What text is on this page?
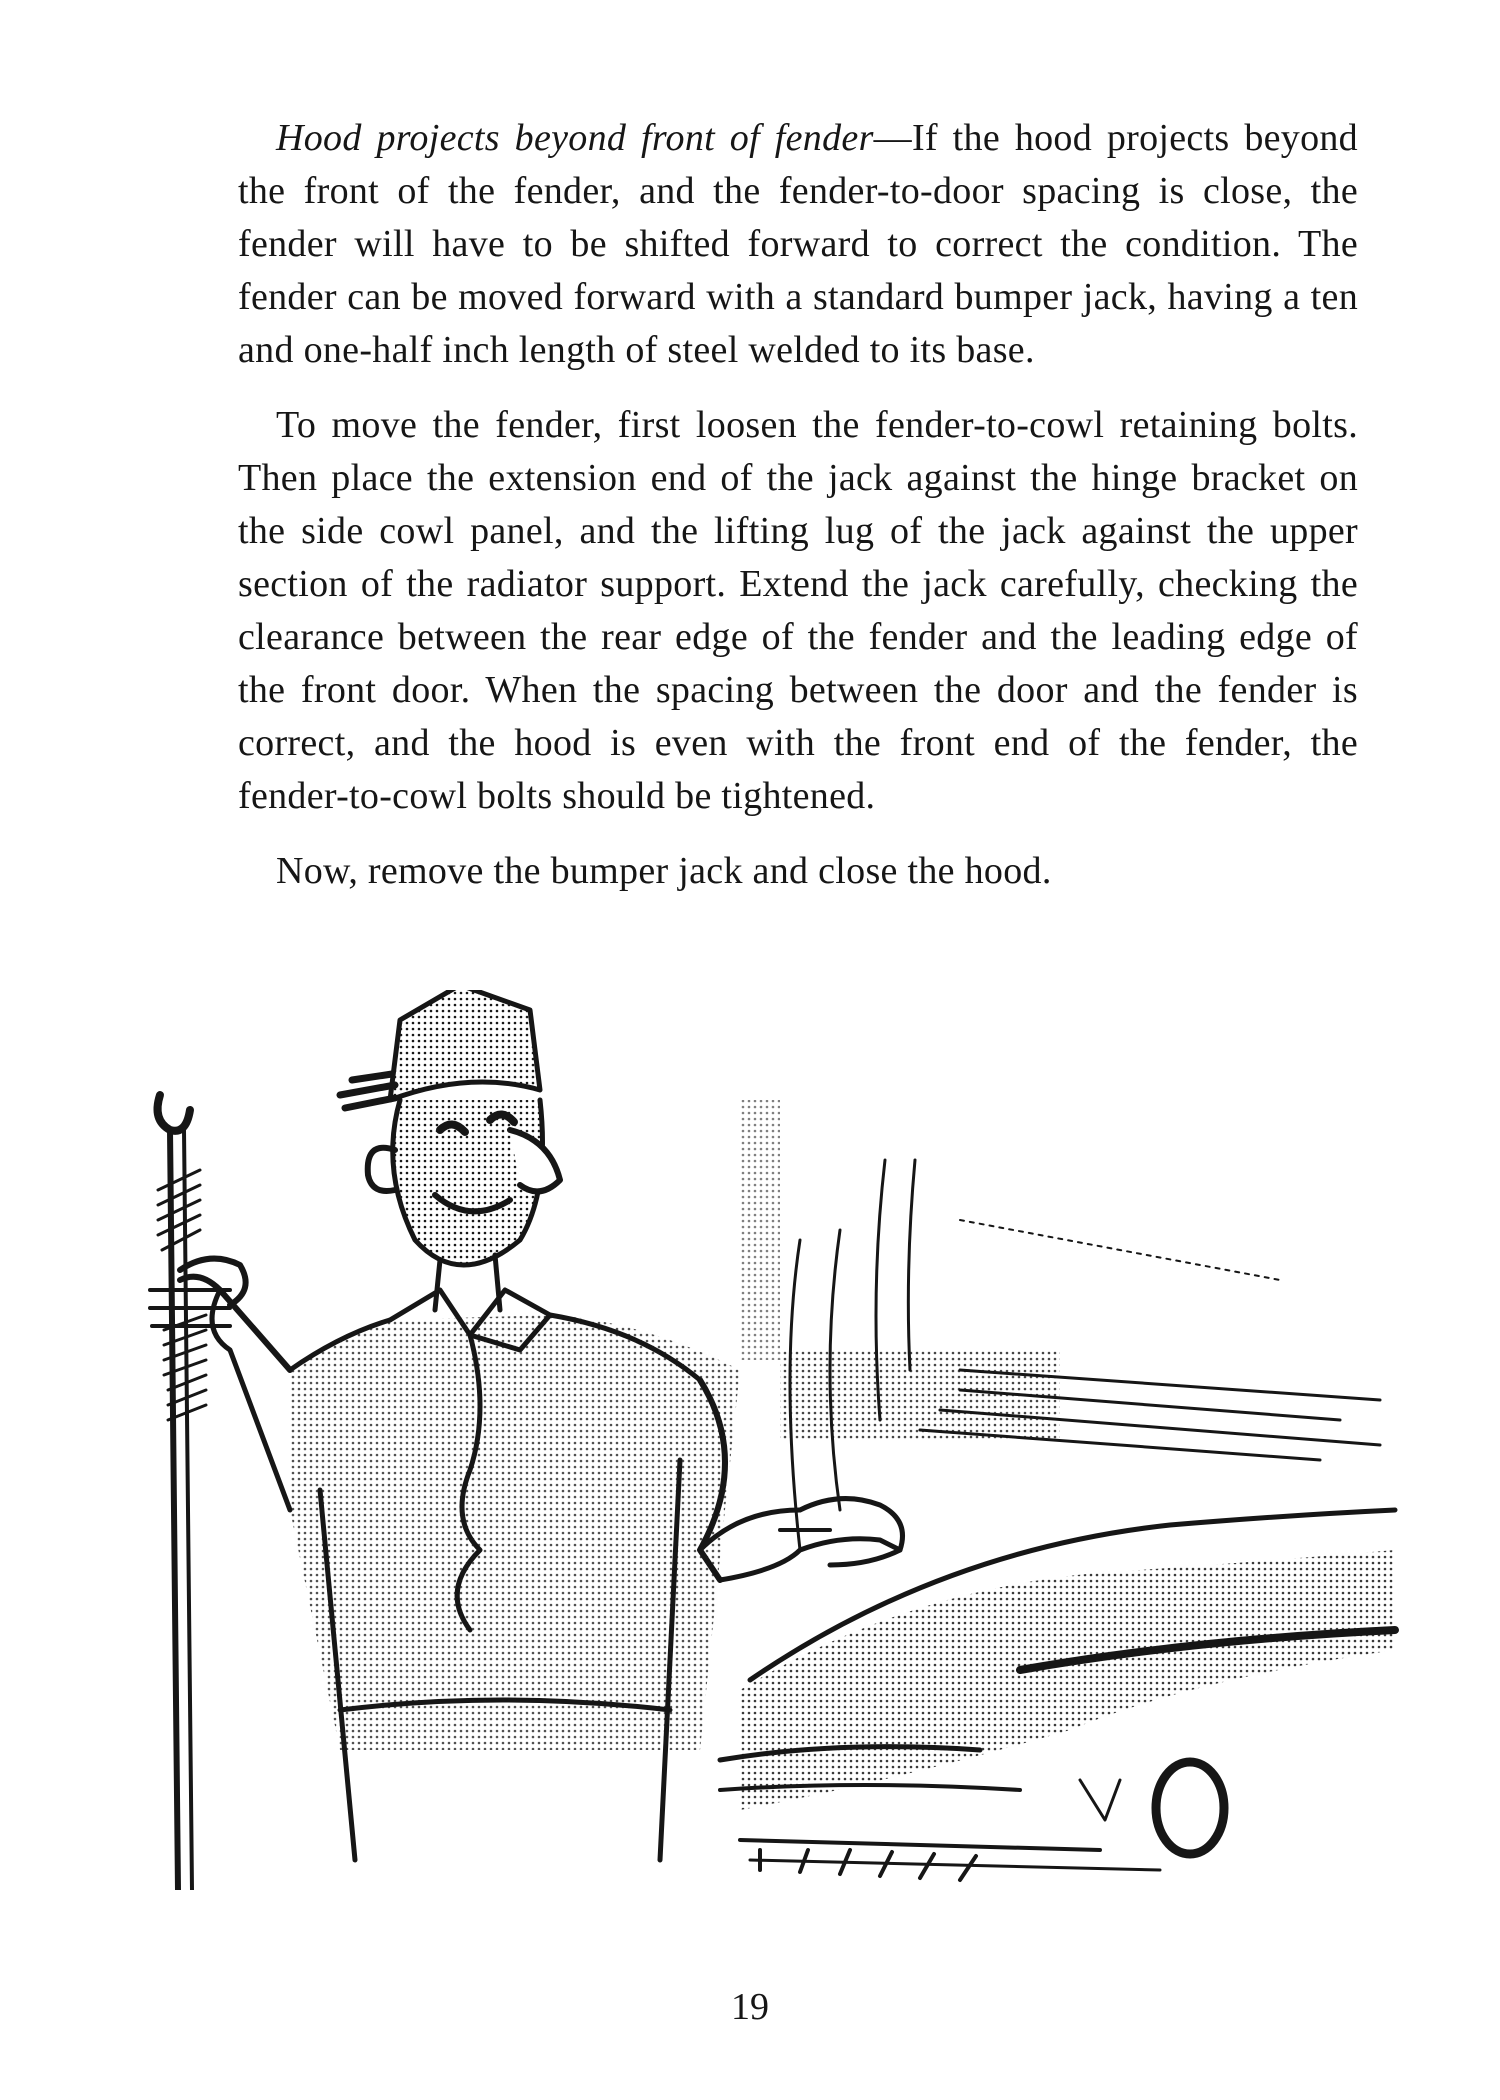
Hood projects beyond front of fender—If the hood projects beyond the front of the fender, and the fender-to-door spacing is close, the fender will have to be shifted forward to correct the condition. The fender can be moved forward with a standard bumper jack, having a ten and one-half inch length of steel welded to its base.

To move the fender, first loosen the fender-to-cowl retaining bolts. Then place the extension end of the jack against the hinge bracket on the side cowl panel, and the lifting lug of the jack against the upper section of the radiator support. Extend the jack carefully, checking the clearance between the rear edge of the fender and the leading edge of the front door. When the spacing between the door and the fender is correct, and the hood is even with the front end of the fender, the fender-to-cowl bolts should be tightened.

Now, remove the bumper jack and close the hood.

19
